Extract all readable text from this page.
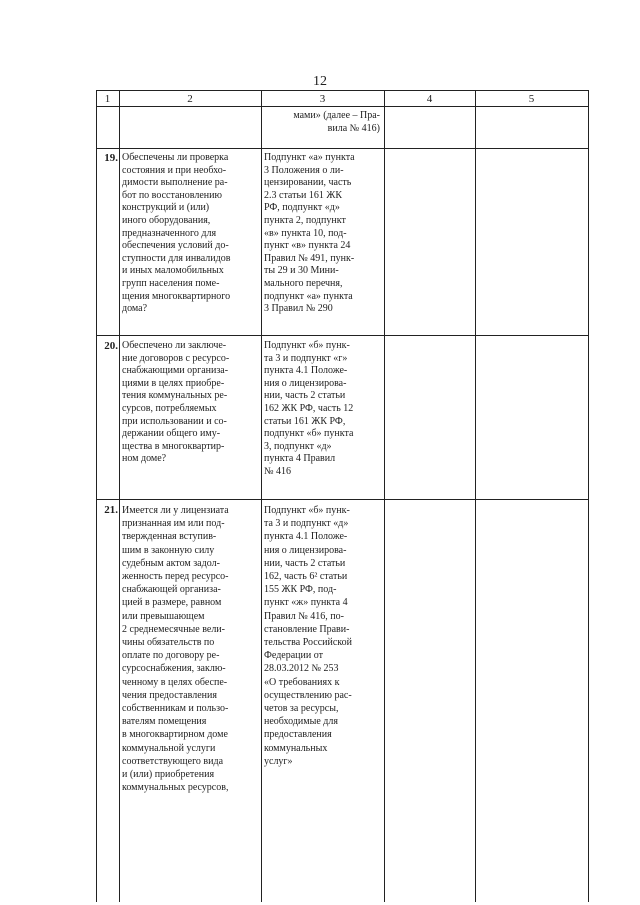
12
1	2	3	4	5

мами» (далее – Пра-
вила № 416)

19. Обеспечены ли проверка
состояния и при необхо-
димости выполнение ра-
бот по восстановлению
конструкций и (или)
иного оборудования,
предназначенного для
обеспечения условий до-
ступности для инвалидов
и иных маломобильных
групп населения поме-
щения многоквартирного
дома?

Подпункт «а» пункта
3 Положения о ли-
цензировании, часть
2.3 статьи 161 ЖК
РФ, подпункт «д»
пункта 2, подпункт
«в» пункта 10, под-
пункт «в» пункта 24
Правил № 491, пунк-
ты 29 и 30 Мини-
мального перечня,
подпункт «а» пункта
3 Правил № 290

20. Обеспечено ли заключе-
ние договоров с ресурсо-
снабжающими организа-
циями в целях приобре-
тения коммунальных ре-
сурсов, потребляемых
при использовании и со-
держании общего иму-
щества в многоквартир-
ном доме?

Подпункт «б» пунк-
та 3 и подпункт «г»
пункта 4.1 Положе-
ния о лицензирова-
нии, часть 2 статьи
162 ЖК РФ, часть 12
статьи 161 ЖК РФ,
подпункт «б» пункта
3, подпункт «д»
пункта 4 Правил
№ 416

21. Имеется ли у лицензиата
признанная им или под-
твержденная вступив-
шим в законную силу
судебным актом задол-
женность перед ресурсо-
снабжающей организа-
цией в размере, равном
или превышающем
2 среднемесячные вели-
чины обязательств по
оплате по договору ре-
сурсоснабжения, заклю-
ченному в целях обеспе-
чения предоставления
собственникам и пользо-
вателям помещения
в многоквартирном доме
коммунальной услуги
соответствующего вида
и (или) приобретения
коммунальных ресурсов,

Подпункт «б» пунк-
та 3 и подпункт «д»
пункта 4.1 Положе-
ния о лицензирова-
нии, часть 2 статьи
162, часть 6² статьи
155 ЖК РФ, под-
пункт «ж» пункта 4
Правил № 416, по-
становление Прави-
тельства Российской
Федерации от
28.03.2012 № 253
«О требованиях к
осуществлению рас-
четов за ресурсы,
необходимые для
предоставления
коммунальных
услуг»
